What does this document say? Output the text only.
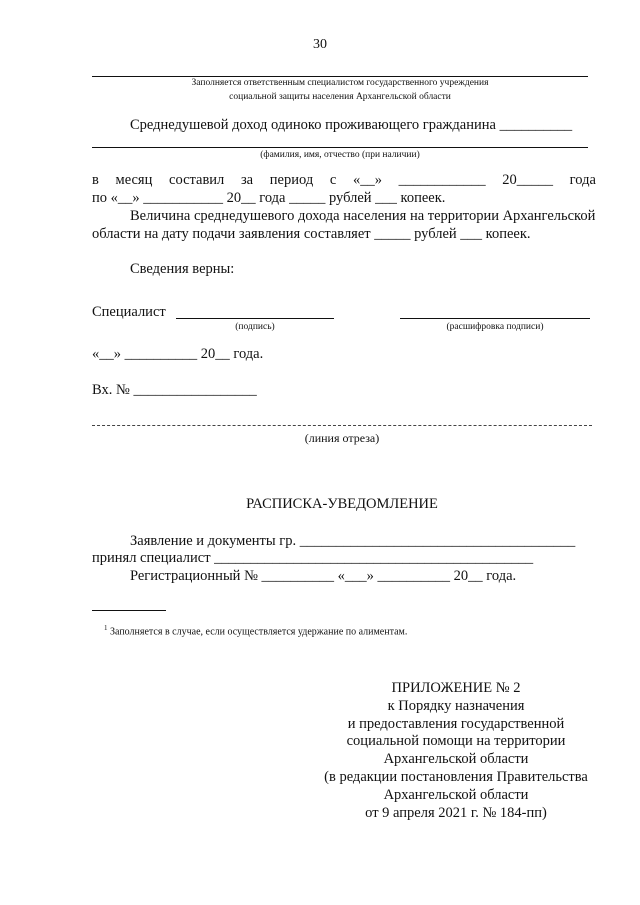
30
Заполняется ответственным специалистом государственного учреждения
социальной защиты населения Архангельской области
Среднедушевой доход одиноко проживающего гражданина __________
(фамилия, имя, отчество (при наличии)
в месяц составил за период с «__» ____________ 20_____ года
по «__» ___________ 20__ года _____ рублей ___ копеек.
Величина среднедушевого дохода населения на территории Архангельской
области на дату подачи заявления составляет _____ рублей ___ копеек.
Сведения верны:
Специалист
(подпись)	(расшифровка подписи)
«__» __________ 20__ года.
Вх. № _________________
(линия отреза)
РАСПИСКА-УВЕДОМЛЕНИЕ
Заявление и документы гр. ______________________________________
принял специалист ____________________________________________
Регистрационный № __________ «___» __________ 20__ года.
$^1$ Заполняется в случае, если осуществляется удержание по алиментам.
ПРИЛОЖЕНИЕ № 2
к Порядку назначения
и предоставления государственной
социальной помощи на территории
Архангельской области
(в редакции постановления Правительства
Архангельской области
от 9 апреля 2021 г. № 184-пп)
